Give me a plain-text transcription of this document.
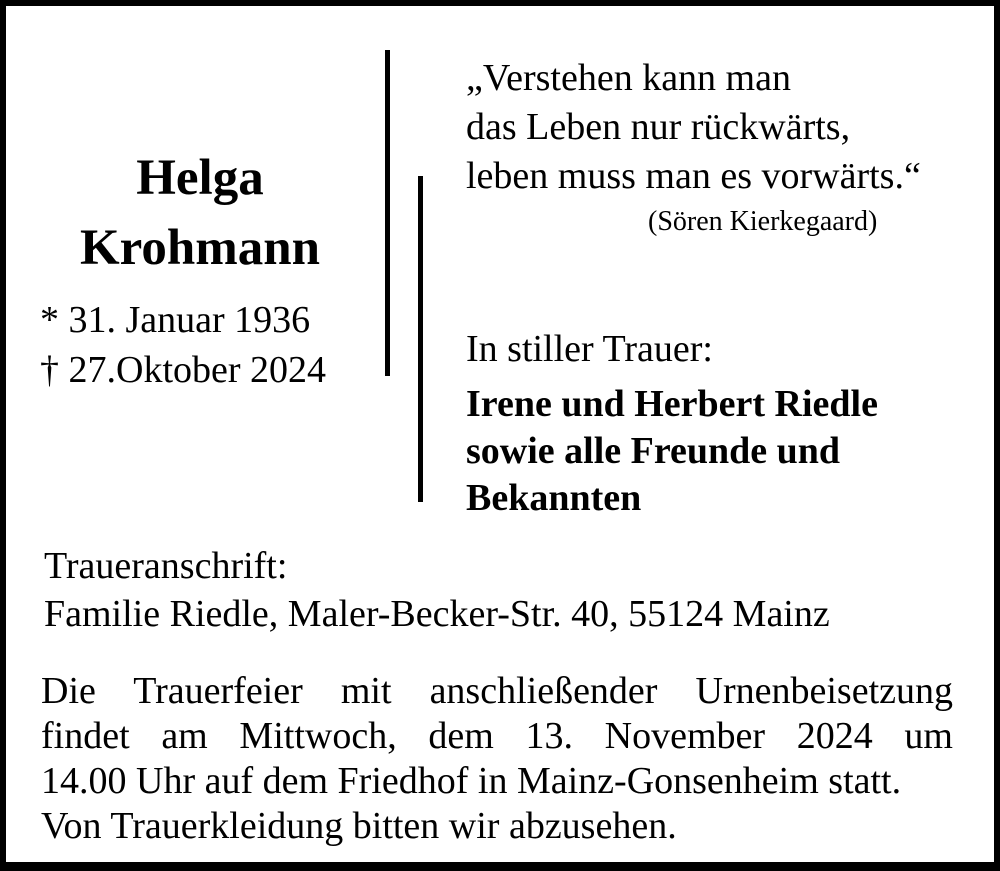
Helga
Krohmann
* 31. Januar 1936
† 27.Oktober 2024
„Verstehen kann man
das Leben nur rückwärts,
leben muss man es vorwärts.“
(Sören Kierkegaard)
In stiller Trauer:
Irene und Herbert Riedle
sowie alle Freunde und
Bekannten
Traueranschrift:
Familie Riedle, Maler-Becker-Str. 40, 55124 Mainz
Die Trauerfeier mit anschließender Urnenbeisetzung
findet am Mittwoch, dem 13. November 2024 um
14.00 Uhr auf dem Friedhof in Mainz-Gonsenheim statt.
Von Trauerkleidung bitten wir abzusehen.
